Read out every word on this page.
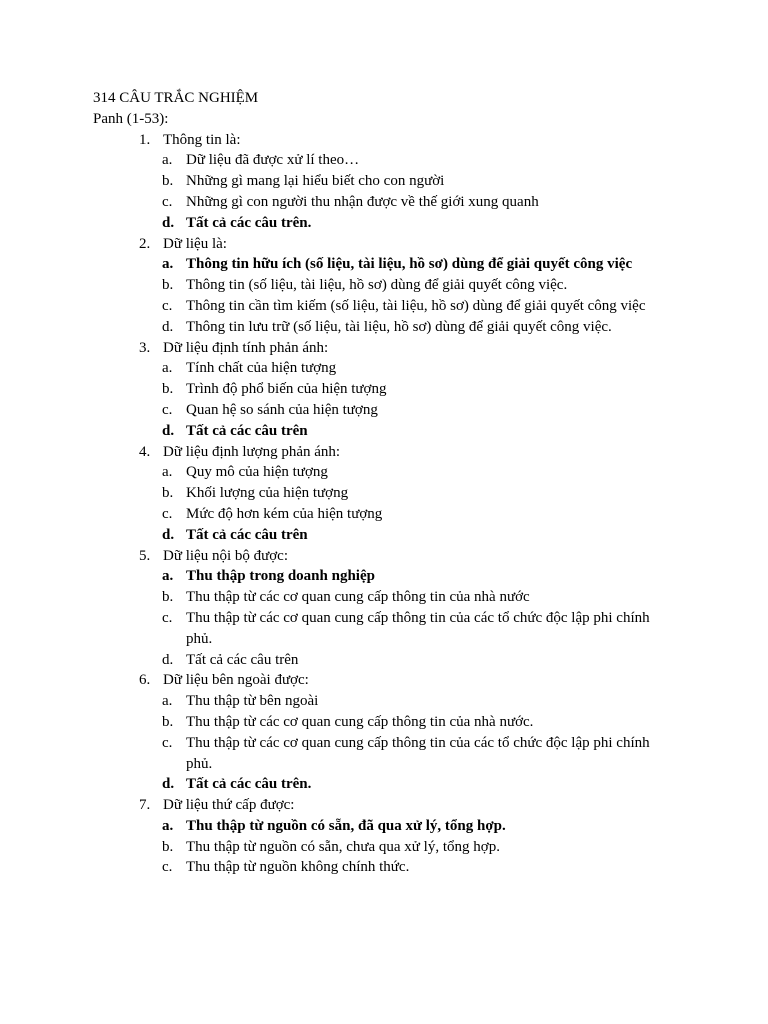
314 CÂU TRẮC NGHIỆM
Panh (1-53):
1. Thông tin là:
a. Dữ liệu đã được xử lí theo…
b. Những gì mang lại hiểu biết cho con người
c. Những gì con người thu nhận được về thế giới xung quanh
d. Tất cả các câu trên.
2. Dữ liệu là:
a. Thông tin hữu ích (số liệu, tài liệu, hồ sơ) dùng để giải quyết công việc
b. Thông tin (số liệu, tài liệu, hồ sơ) dùng để giải quyết công việc.
c. Thông tin cần tìm kiếm (số liệu, tài liệu, hồ sơ) dùng để giải quyết công việc
d. Thông tin lưu trữ (số liệu, tài liệu, hồ sơ) dùng để giải quyết công việc.
3. Dữ liệu định tính phản ánh:
a. Tính chất của hiện tượng
b. Trình độ phổ biến của hiện tượng
c. Quan hệ so sánh của hiện tượng
d. Tất cả các câu trên
4. Dữ liệu định lượng phản ánh:
a. Quy mô của hiện tượng
b. Khối lượng của hiện tượng
c. Mức độ hơn kém của hiện tượng
d. Tất cả các câu trên
5. Dữ liệu nội bộ được:
a. Thu thập trong doanh nghiệp
b. Thu thập từ các cơ quan cung cấp thông tin của nhà nước
c. Thu thập từ các cơ quan cung cấp thông tin của các tổ chức độc lập phi chính phủ.
d. Tất cả các câu trên
6. Dữ liệu bên ngoài được:
a. Thu thập từ bên ngoài
b. Thu thập từ các cơ quan cung cấp thông tin của nhà nước.
c. Thu thập từ các cơ quan cung cấp thông tin của các tổ chức độc lập phi chính phủ.
d. Tất cả các câu trên.
7. Dữ liệu thứ cấp được:
a. Thu thập từ nguồn có sẵn, đã qua xử lý, tổng hợp.
b. Thu thập từ nguồn có sẵn, chưa qua xử lý, tổng hợp.
c. Thu thập từ nguồn không chính thức.
